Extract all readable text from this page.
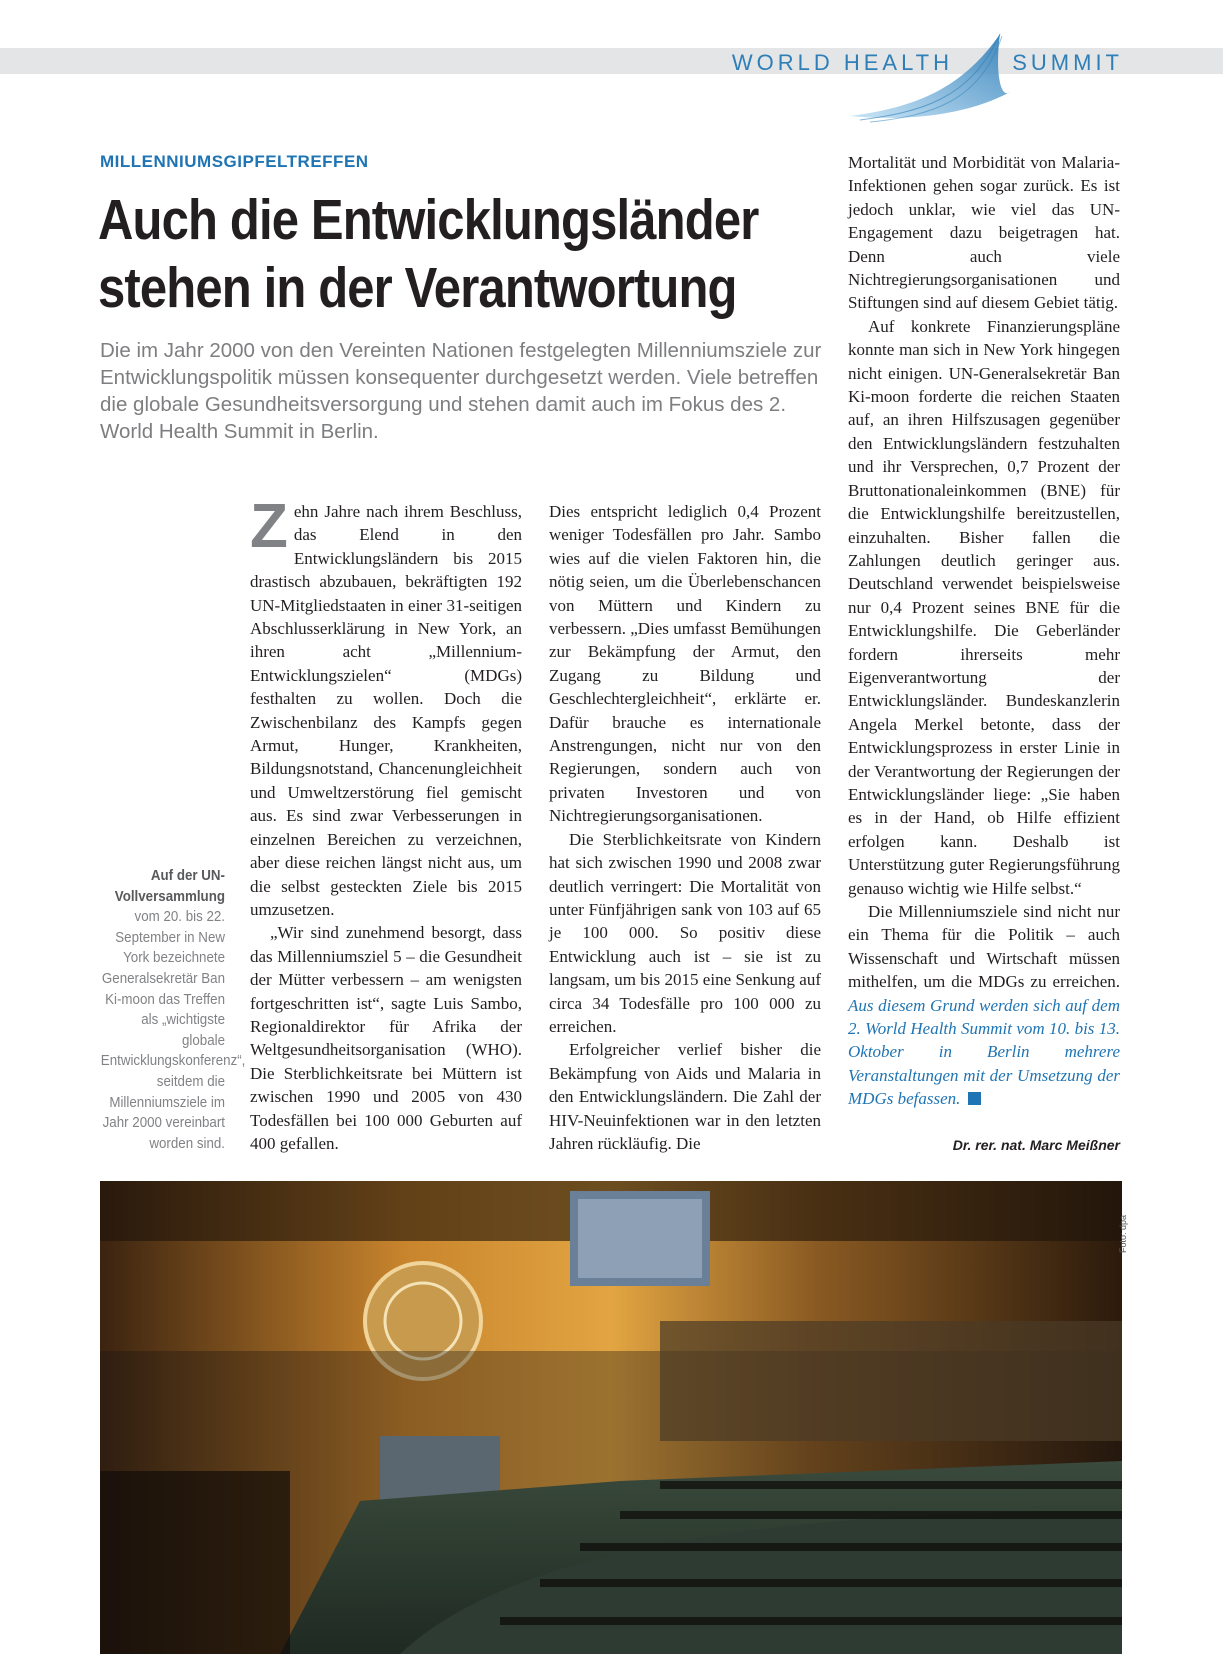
WORLD HEALTH	SUMMIT
MILLENNIUMSGIPFELTREFFEN
Auch die Entwicklungsländer
stehen in der Verantwortung

Die im Jahr 2000 von den Vereinten Nationen festgelegten Millenniumsziele zur Entwicklungspolitik müssen konsequenter durchgesetzt werden. Viele betreffen die globale Gesundheitsversorgung und stehen damit auch im Fokus des 2. World Health Summit in Berlin.

Auf der UN-Vollversammlung vom 20. bis 22. September in New York bezeichnete Generalsekretär Ban Ki-moon das Treffen als „wichtigste globale Entwicklungskonferenz“, seitdem die Millenniumsziele im Jahr 2000 vereinbart worden sind.

Zehn Jahre nach ihrem Beschluss, das Elend in den Entwicklungsländern bis 2015 drastisch abzubauen, bekräftigten 192 UN-Mitgliedstaaten in einer 31-seitigen Abschlusserklärung in New York, an ihren acht „Millennium-Entwicklungszielen“ (MDGs) festhalten zu wollen. Doch die Zwischenbilanz des Kampfs gegen Armut, Hunger, Krankheiten, Bildungsnotstand, Chancenungleichheit und Umweltzerstörung fiel gemischt aus. Es sind zwar Verbesserungen in einzelnen Bereichen zu verzeichnen, aber diese reichen längst nicht aus, um die selbst gesteckten Ziele bis 2015 umzusetzen.

„Wir sind zunehmend besorgt, dass das Millenniumsziel 5 – die Gesundheit der Mütter verbessern – am wenigsten fortgeschritten ist“, sagte Luis Sambo, Regionaldirektor für Afrika der Weltgesundheitsorganisation (WHO). Die Sterblichkeitsrate bei Müttern ist zwischen 1990 und 2005 von 430 Todesfällen bei 100 000 Geburten auf 400 gefallen.

Dies entspricht lediglich 0,4 Prozent weniger Todesfällen pro Jahr. Sambo wies auf die vielen Faktoren hin, die nötig seien, um die Überlebenschancen von Müttern und Kindern zu verbessern. „Dies umfasst Bemühungen zur Bekämpfung der Armut, den Zugang zu Bildung und Geschlechtergleichheit“, erklärte er. Dafür brauche es internationale Anstrengungen, nicht nur von den Regierungen, sondern auch von privaten Investoren und von Nichtregierungsorganisationen.

Die Sterblichkeitsrate von Kindern hat sich zwischen 1990 und 2008 zwar deutlich verringert: Die Mortalität von unter Fünfjährigen sank von 103 auf 65 je 100 000. So positiv diese Entwicklung auch ist – sie ist zu langsam, um bis 2015 eine Senkung auf circa 34 Todesfälle pro 100 000 zu erreichen.

Erfolgreicher verlief bisher die Bekämpfung von Aids und Malaria in den Entwicklungsländern. Die Zahl der HIV-Neuinfektionen war in den letzten Jahren rückläufig. Die

Mortalität und Morbidität von Malaria-Infektionen gehen sogar zurück. Es ist jedoch unklar, wie viel das UN-Engagement dazu beigetragen hat. Denn auch viele Nichtregierungsorganisationen und Stiftungen sind auf diesem Gebiet tätig.

Auf konkrete Finanzierungspläne konnte man sich in New York hingegen nicht einigen. UN-Generalsekretär Ban Ki-moon forderte die reichen Staaten auf, an ihren Hilfszusagen gegenüber den Entwicklungsländern festzuhalten und ihr Versprechen, 0,7 Prozent der Bruttonationaleinkommen (BNE) für die Entwicklungshilfe bereitzustellen, einzuhalten. Bisher fallen die Zahlungen deutlich geringer aus. Deutschland verwendet beispielsweise nur 0,4 Prozent seines BNE für die Entwicklungshilfe. Die Geberländer fordern ihrerseits mehr Eigenverantwortung der Entwicklungsländer. Bundeskanzlerin Angela Merkel betonte, dass der Entwicklungsprozess in erster Linie in der Verantwortung der Regierungen der Entwicklungsländer liege: „Sie haben es in der Hand, ob Hilfe effizient erfolgen kann. Deshalb ist Unterstützung guter Regierungsführung genauso wichtig wie Hilfe selbst.“

Die Millenniumsziele sind nicht nur ein Thema für die Politik – auch Wissenschaft und Wirtschaft müssen mithelfen, um die MDGs zu erreichen. Aus diesem Grund werden sich auf dem 2. World Health Summit vom 10. bis 13. Oktober in Berlin mehrere Veranstaltungen mit der Umsetzung der MDGs befassen.

Dr. rer. nat. Marc Meißner
Foto: dpa
